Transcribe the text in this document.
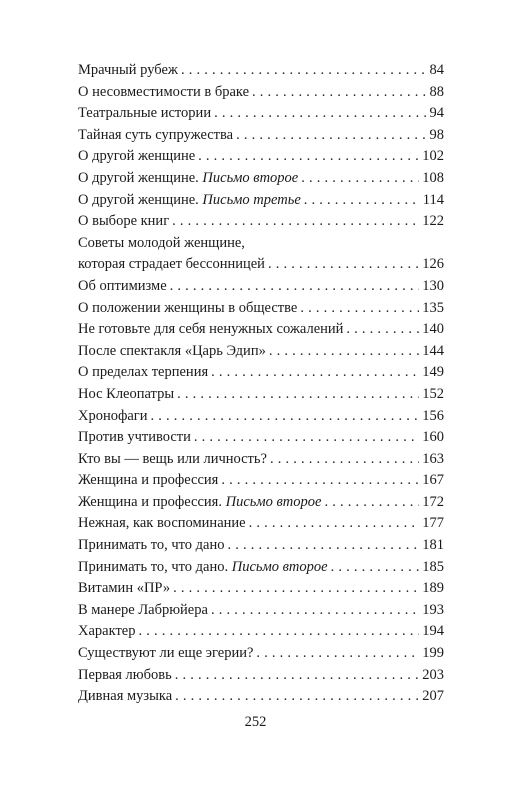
Мрачный рубеж . . .	84
О несовместимости в браке . . .	88
Театральные истории . . .	94
Тайная суть супружества . . .	98
О другой женщине . . .	102
О другой женщине. Письмо второе . . .	108
О другой женщине. Письмо третье . . .	114
О выборе книг . . .	122
Советы молодой женщине,
которая страдает бессонницей . . .	126
Об оптимизме . . .	130
О положении женщины в обществе . . .	135
Не готовьте для себя ненужных сожалений . . .	140
После спектакля «Царь Эдип» . . .	144
О пределах терпения . . .	149
Нос Клеопатры . . .	152
Хронофаги . . .	156
Против учтивости . . .	160
Кто вы — вещь или личность? . . .	163
Женщина и профессия . . .	167
Женщина и профессия. Письмо второе . . .	172
Нежная, как воспоминание . . .	177
Принимать то, что дано . . .	181
Принимать то, что дано. Письмо второе . . .	185
Витамин «ПР» . . .	189
В манере Лабрюйера . . .	193
Характер . . .	194
Существуют ли еще эгерии? . . .	199
Первая любовь . . .	203
Дивная музыка . . .	207
252
